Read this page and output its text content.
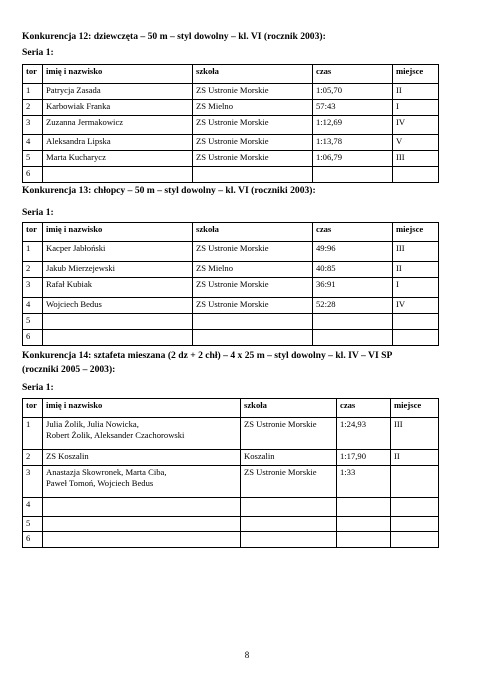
Konkurencja 12: dziewczęta – 50 m – styl dowolny – kl. VI (rocznik 2003):
Seria 1:
tor	imię i nazwisko	szkoła	czas	miejsce
1	Patrycja Zasada	ZS Ustronie Morskie	1:05,70	II
2	Karbowiak Franka	ZS Mielno	57:43	I
3	Zuzanna Jermakowicz	ZS Ustronie Morskie	1:12,69	IV
4	Aleksandra Lipska	ZS Ustronie Morskie	1:13,78	V
5	Marta Kucharycz	ZS Ustronie Morskie	1:06,79	III
6				
Konkurencja 13: chłopcy – 50 m – styl dowolny – kl. VI (roczniki 2003):
Seria 1:
tor	imię i nazwisko	szkoła	czas	miejsce
1	Kacper Jabłoński	ZS Ustronie Morskie	49:96	III
2	Jakub Mierzejewski	ZS Mielno	40:85	II
3	Rafał Kubiak	ZS Ustronie Morskie	36:91	I
4	Wojciech Bedus	ZS Ustronie Morskie	52:28	IV
5				
6				
Konkurencja 14: sztafeta mieszana (2 dz + 2 chł) – 4 x 25 m – styl dowolny – kl. IV – VI SP
(roczniki 2005 – 2003):
Seria 1:
tor	imię i nazwisko	szkoła	czas	miejsce
1	Julia Żolik, Julia Nowicka,
Robert Żolik, Aleksander Czachorowski	ZS Ustronie Morskie	1:24,93	III
2	ZS Koszalin	Koszalin	1:17,90	II
3	Anastazja Skowronek, Marta Ciba,
Paweł Tomoń, Wojciech Bedus	ZS Ustronie Morskie	1:33	
4				
5				
6				
8
